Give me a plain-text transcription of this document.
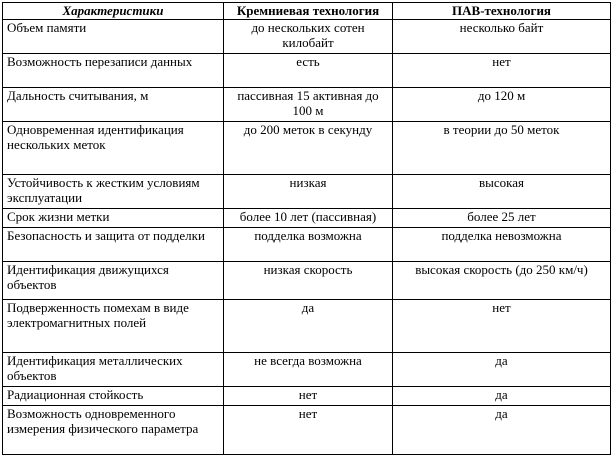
Характеристики	Кремниевая технология	ПАВ-технология
Объем памяти	до нескольких сотен килобайт	несколько байт
Возможность перезаписи данных	есть	нет
Дальность считывания, м	пассивная 15 активная до 100 м	до 120 м
Одновременная идентификация нескольких меток	до 200 меток в секунду	в теории до 50 меток
Устойчивость к жестким условиям эксплуатации	низкая	высокая
Срок жизни метки	более 10 лет (пассивная)	более 25 лет
Безопасность и защита от подделки	подделка возможна	подделка невозможна
Идентификация движущихся объектов	низкая скорость	высокая скорость (до 250 км/ч)
Подверженность помехам в виде электромагнитных полей	да	нет
Идентификация металлических объектов	не всегда возможна	да
Радиационная стойкость	нет	да
Возможность одновременного измерения физического параметра	нет	да
